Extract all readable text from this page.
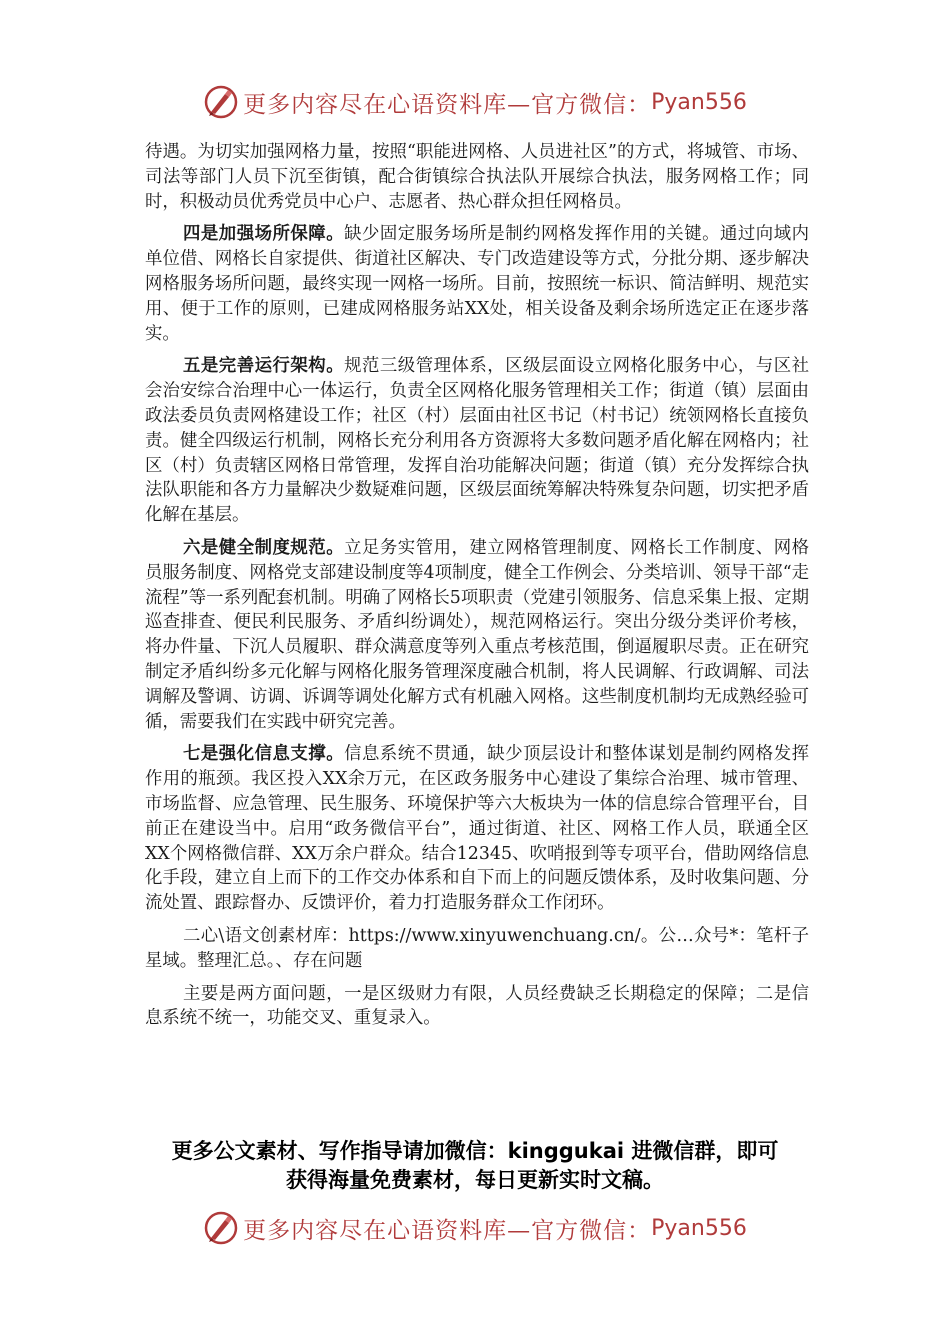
更多内容尽在心语资料库—官方微信： Pyan556

待遇。为切实加强网格力量，按照“职能进网格、人员进社区”的方式，将城管、市场、司法等部门人员下沉至街镇，配合街镇综合执法队开展综合执法，服务网格工作；同时，积极动员优秀党员中心户、志愿者、热心群众担任网格员。

四是加强场所保障。缺少固定服务场所是制约网格发挥作用的关键。通过向域内单位借、网格长自家提供、街道社区解决、专门改造建设等方式，分批分期、逐步解决网格服务场所问题，最终实现一网格一场所。目前，按照统一标识、简洁鲜明、规范实用、便于工作的原则，已建成网格服务站XX处，相关设备及剩余场所选定正在逐步落实。

五是完善运行架构。规范三级管理体系，区级层面设立网格化服务中心，与区社会治安综合治理中心一体运行，负责全区网格化服务管理相关工作；街道（镇）层面由政法委员负责网格建设工作；社区（村）层面由社区书记（村书记）统领网格长直接负责。健全四级运行机制，网格长充分利用各方资源将大多数问题矛盾化解在网格内；社区（村）负责辖区网格日常管理，发挥自治功能解决问题；街道（镇）充分发挥综合执法队职能和各方力量解决少数疑难问题，区级层面统筹解决特殊复杂问题，切实把矛盾化解在基层。

六是健全制度规范。立足务实管用，建立网格管理制度、网格长工作制度、网格员服务制度、网格党支部建设制度等4项制度，健全工作例会、分类培训、领导干部“走流程”等一系列配套机制。明确了网格长5项职责（党建引领服务、信息采集上报、定期巡查排查、便民利民服务、矛盾纠纷调处），规范网格运行。突出分级分类评价考核，将办件量、下沉人员履职、群众满意度等列入重点考核范围，倒逼履职尽责。正在研究制定矛盾纠纷多元化解与网格化服务管理深度融合机制，将人民调解、行政调解、司法调解及警调、访调、诉调等调处化解方式有机融入网格。这些制度机制均无成熟经验可循，需要我们在实践中研究完善。

七是强化信息支撑。信息系统不贯通，缺少顶层设计和整体谋划是制约网格发挥作用的瓶颈。我区投入XX余万元，在区政务服务中心建设了集综合治理、城市管理、市场监督、应急管理、民生服务、环境保护等六大板块为一体的信息综合管理平台，目前正在建设当中。启用“政务微信平台”，通过街道、社区、网格工作人员，联通全区XX个网格微信群、XX万余户群众。结合12345、吹哨报到等专项平台，借助网络信息化手段，建立自上而下的工作交办体系和自下而上的问题反馈体系，及时收集问题、分流处置、跟踪督办、反馈评价，着力打造服务群众工作闭环。

二心\语文创素材库：https://www.xinyuwenchuang.cn/。公…众号*：笔杆子星域。整理汇总。、存在问题

主要是两方面问题，一是区级财力有限，人员经费缺乏长期稳定的保障；二是信息系统不统一，功能交叉、重复录入。

更多公文素材、写作指导请加微信：kinggukai 进微信群，即可
获得海量免费素材，每日更新实时文稿。
更多内容尽在心语资料库—官方微信： Pyan556
